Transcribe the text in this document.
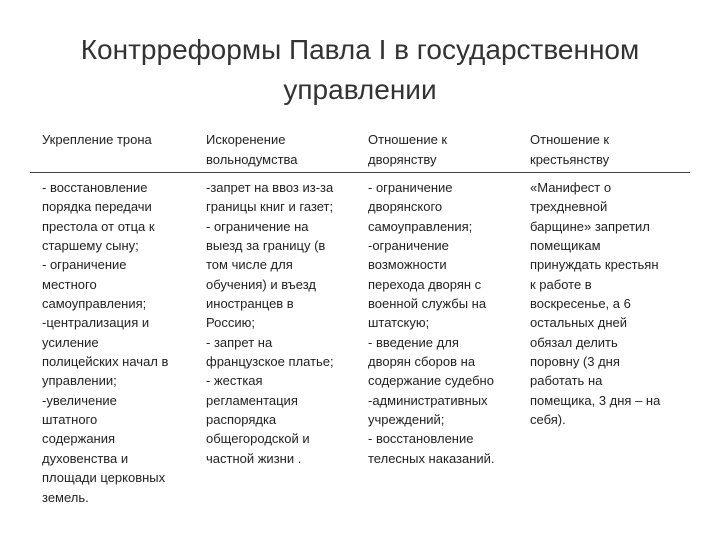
Контрреформы Павла I в государственном управлении

Укрепление трона

- восстановление
порядка передачи
престола от отца к
старшему сыну;
- ограничение
местного
самоуправления;
-централизация и
усиление
полицейских начал в
управлении;
-увеличение
штатного
содержания
духовенства и
площади церковных
земель.

Искоренение вольнодумства

-запрет на ввоз из-за
границы книг и газет;
- ограничение на
выезд за границу (в
том числе для
обучения) и въезд
иностранцев в
Россию;
- запрет на
французское платье;
- жесткая
регламентация
распорядка
общегородской и
частной жизни .

Отношение к дворянству

- ограничение
дворянского
самоуправления;
-ограничение
возможности
перехода дворян с
военной службы на
штатскую;
- введение для
дворян сборов на
содержание судебно
-административных
учреждений;
- восстановление
телесных наказаний.

Отношение к крестьянству

«Манифест о
трехдневной
барщине» запретил
помещикам
принуждать крестьян
к работе в
воскресенье, а 6
остальных дней
обязал делить
поровну (3 дня
работать на
помещика, 3 дня – на
себя).
